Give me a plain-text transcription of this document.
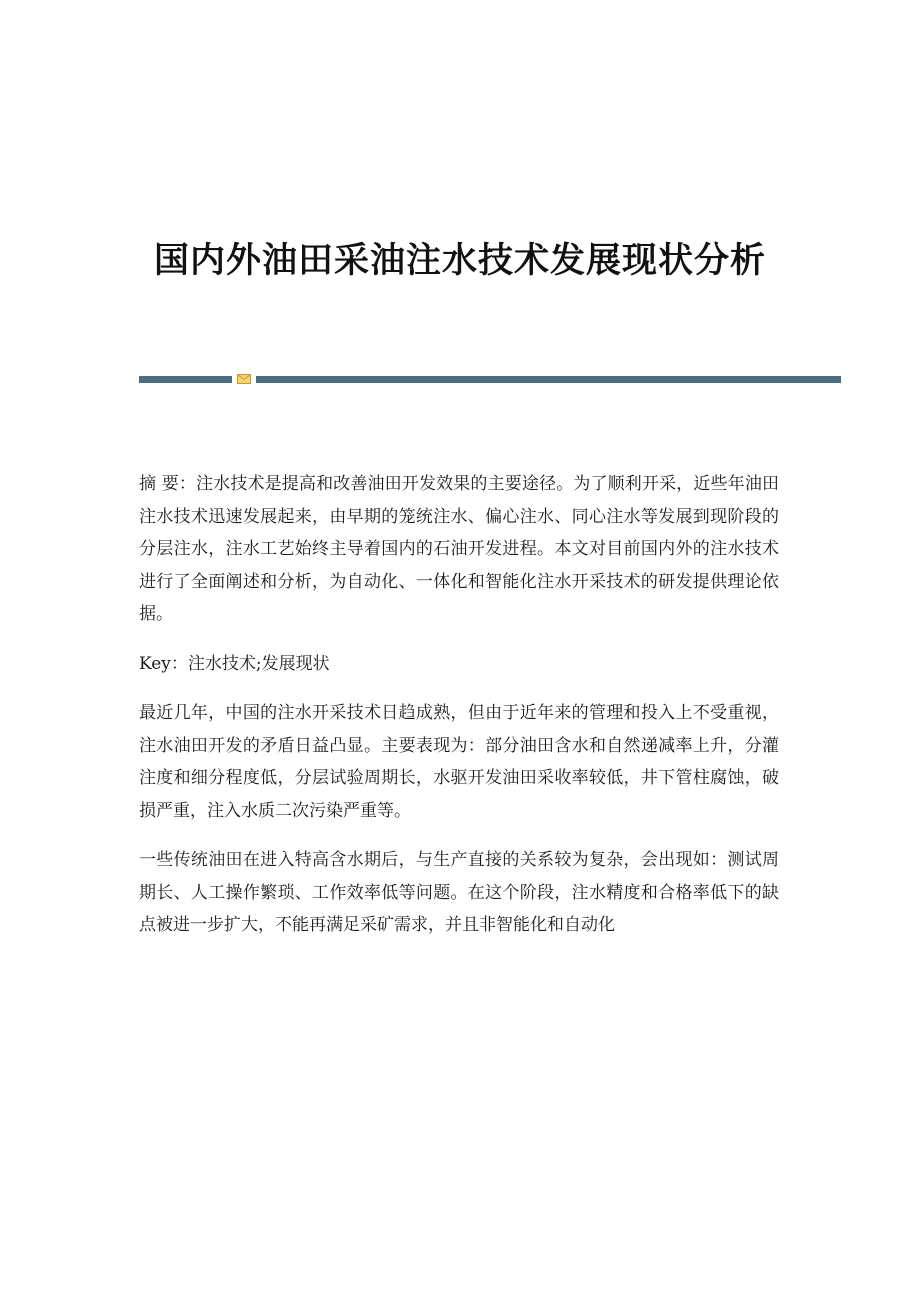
国内外油田采油注水技术发展现状分析

摘 要：注水技术是提高和改善油田开发效果的主要途径。为了顺利开采，近些年油田注水技术迅速发展起来，由早期的笼统注水、偏心注水、同心注水等发展到现阶段的分层注水，注水工艺始终主导着国内的石油开发进程。本文对目前国内外的注水技术进行了全面阐述和分析，为自动化、一体化和智能化注水开采技术的研发提供理论依据。

Key：注水技术;发展现状

最近几年，中国的注水开采技术日趋成熟，但由于近年来的管理和投入上不受重视，注水油田开发的矛盾日益凸显。主要表现为：部分油田含水和自然递减率上升，分灌注度和细分程度低，分层试验周期长，水驱开发油田采收率较低，井下管柱腐蚀，破损严重，注入水质二次污染严重等。

一些传统油田在进入特高含水期后，与生产直接的关系较为复杂，会出现如：测试周期长、人工操作繁琐、工作效率低等问题。在这个阶段，注水精度和合格率低下的缺点被进一步扩大，不能再满足采矿需求，并且非智能化和自动化
